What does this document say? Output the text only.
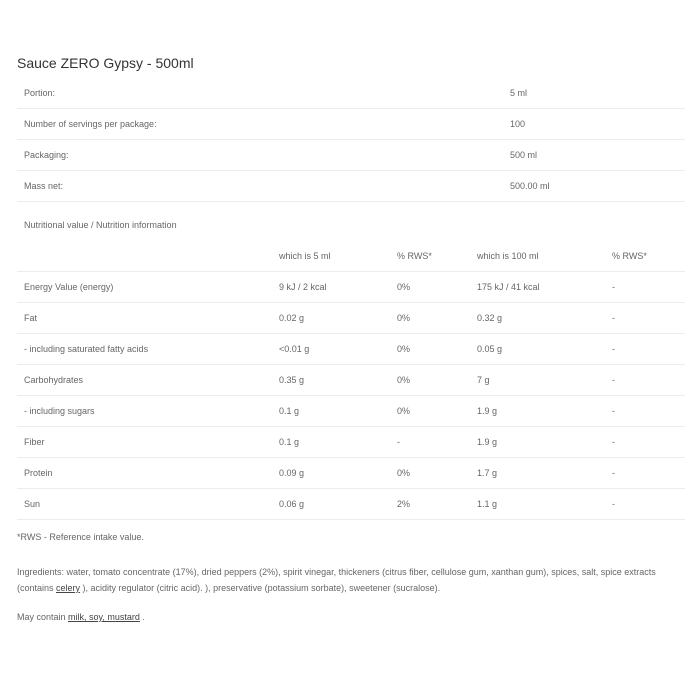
Sauce ZERO Gypsy - 500ml
Portion:	5 ml
Number of servings per package:	100
Packaging:	500 ml
Mass net:	500.00 ml
Nutritional value / Nutrition information
which is 5 ml	% RWS*	which is 100 ml	% RWS*
Energy Value (energy)	9 kJ / 2 kcal	0%	175 kJ / 41 kcal	-
Fat	0.02 g	0%	0.32 g	-
- including saturated fatty acids	<0.01 g	0%	0.05 g	-
Carbohydrates	0.35 g	0%	7 g	-
- including sugars	0.1 g	0%	1.9 g	-
Fiber	0.1 g	-	1.9 g	-
Protein	0.09 g	0%	1.7 g	-
Sun	0.06 g	2%	1.1 g	-
*RWS - Reference intake value.
Ingredients: water, tomato concentrate (17%), dried peppers (2%), spirit vinegar, thickeners (citrus fiber, cellulose gum, xanthan gum), spices, salt, spice extracts (contains celery ), acidity regulator (citric acid). ), preservative (potassium sorbate), sweetener (sucralose).
May contain milk, soy, mustard .
